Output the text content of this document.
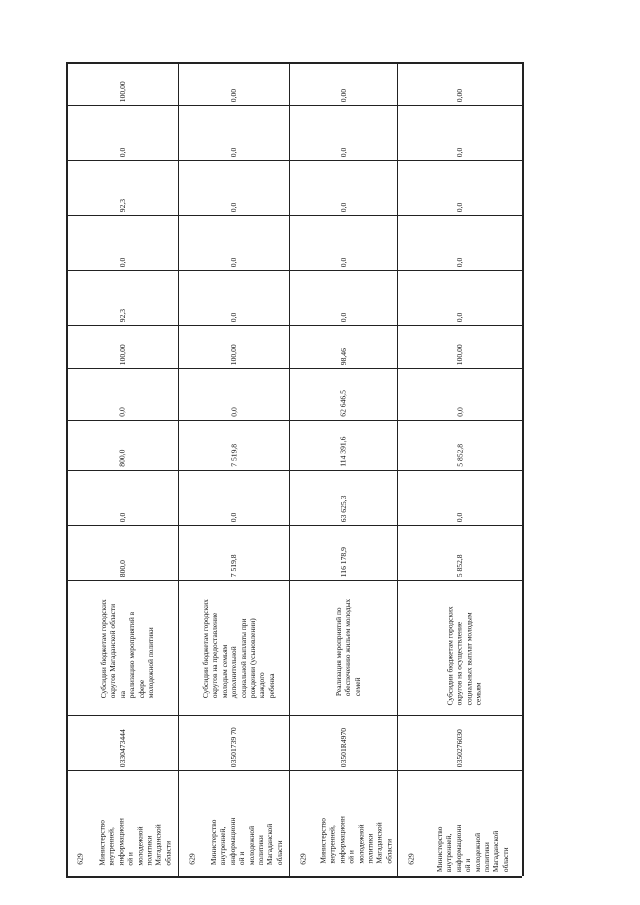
629 Министерство
внутренней,
информационн
ой и
молодежной
политики
Магаданской
области
0330473444
Субсидии бюджетам городских
округов Магаданской области на
реализацию мероприятий в сфере
молодежной политики
800,0
0,0
800,0
0,0
100,00
92,3
0,0
92,3
0,0
100,00
629 Министерство
внутренней,
информационн
ой и
молодежной
политики
Магаданской
области
03501739 70
Субсидии бюджетам городских
округов на предоставление
молодым семьям дополнительной
социальной выплаты при
рождении (усыновлении) каждого
ребенка
7 519,8
0,0
7 519,8
0,0
100,00
0,0
0,0
0,0
0,0
0,00
629 Министерство
внутренней,
информационн
ой и
молодежной
политики
Магаданской
области
03501R4970
Реализация мероприятий по
обеспечению жильем молодых
семей
116 178,9
63 625,3
114 391,6
62 646,5
98,46
0,0
0,0
0,0
0,0
0,00
629	Министерство
внутренней,
информационн
ой и
молодежной
политики
Магаданской
области
0350276030
Субсидии бюджетам городских
округов на осуществление
социальных выплат молодым
семьям
5 852,8
0,0
5 852,8
0,0
100,00
0,0
0,0
0,0
0,0
0,00
